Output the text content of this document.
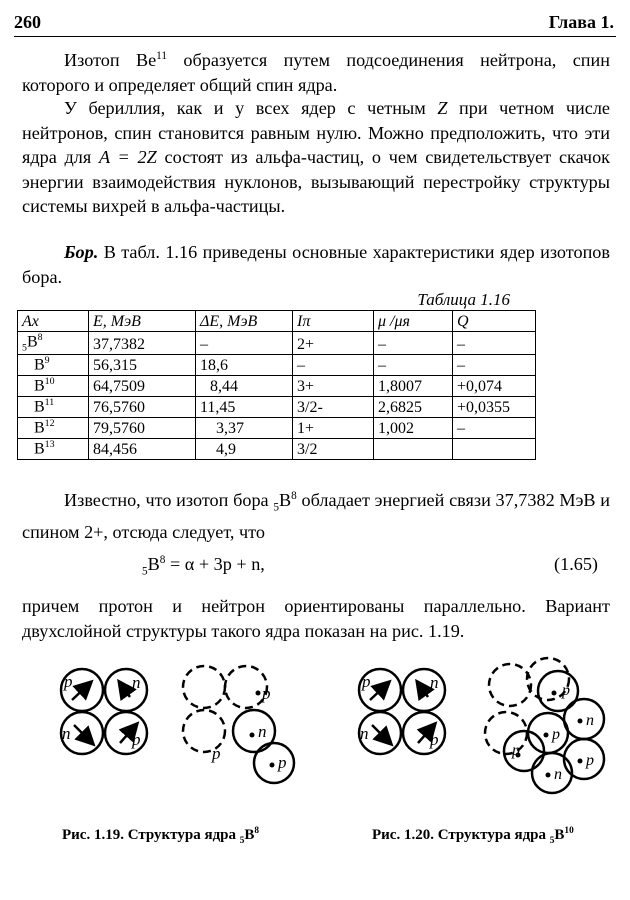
260	Глава 1.
Изотоп Be$^{11}$ образуется путем подсоединения нейтрона, спин которого и определяет общий спин ядра.
У бериллия, как и у всех ядер с четным Z при четном числе нейтронов, спин становится равным нулю. Можно предположить, что эти ядра для A = 2Z состоят из альфа-частиц, о чем свидетельствует скачок энергии взаимодействия нуклонов, вызывающий перестройку структуры системы вихрей в альфа-частицы.
Бор. В табл. 1.16 приведены основные характеристики ядер изотопов бора.
Таблица 1.16
Ax	E, МэВ	ΔE, МэВ	Iπ	μ /μя	Q
$_5B^8$	37,7382	–	2+	–	–
$B^9$	56,315	18,6	–	–	–
$B^{10}$	64,7509	8,44	3+	1,8007	+0,074
$B^{11}$	76,5760	11,45	3/2-	2,6825	+0,0355
$B^{12}$	79,5760	3,37	1+	1,002	–
$B^{13}$	84,456	4,9	3/2		
Известно, что изотоп бора $_5B^8$ обладает энергией связи 37,7382 МэВ и спином 2+, отсюда следует, что
$_5B^8 = \alpha + 3p + n$,	(1.65)
причем протон и нейтрон ориентированы параллельно. Вариант двухслойной структуры такого ядра показан на рис. 1.19.
p	n
n	p
p
n
p
p
p	n
n	p
p
p
n
p
n
p
Рис. 1.19. Структура ядра $_5B^8$	Рис. 1.20. Структура ядра $_5B^{10}$
